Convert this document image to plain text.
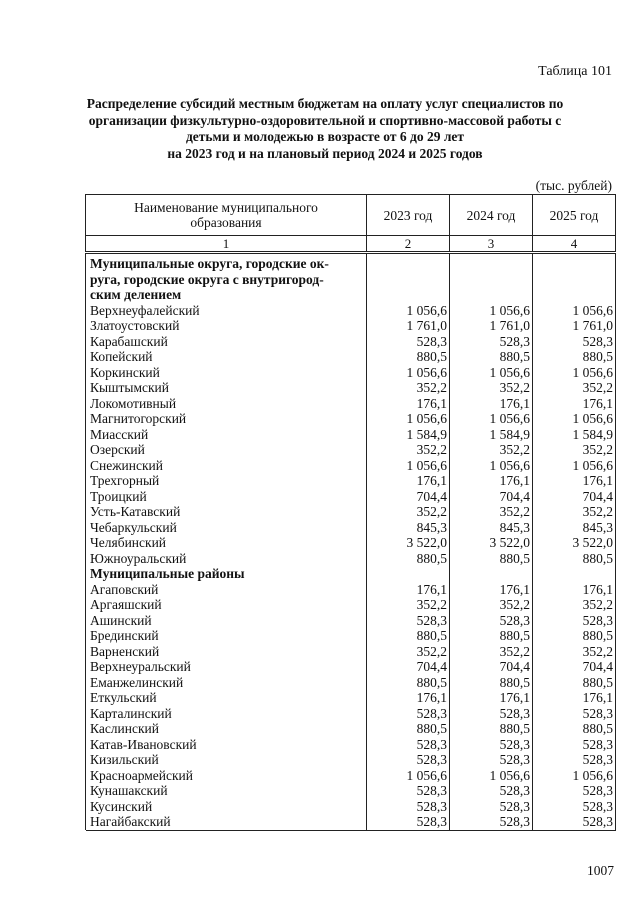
Таблица 101
Распределение субсидий местным бюджетам на оплату услуг специалистов по
организации физкультурно-оздоровительной и спортивно-массовой работы с
детьми и молодежью в возрасте от 6 до 29 лет
на 2023 год и на плановый период 2024 и 2025 годов
(тыс. рублей)
Наименование муниципального
образования	2023 год	2024 год	2025 год
1	2	3	4
Муниципальные округа, городские ок-
руга, городские округа с внутригород-
ским делением			
Верхнеуфалейский	1 056,6	1 056,6	1 056,6
Златоустовский	1 761,0	1 761,0	1 761,0
Карабашский	528,3	528,3	528,3
Копейский	880,5	880,5	880,5
Коркинский	1 056,6	1 056,6	1 056,6
Кыштымский	352,2	352,2	352,2
Локомотивный	176,1	176,1	176,1
Магнитогорский	1 056,6	1 056,6	1 056,6
Миасский	1 584,9	1 584,9	1 584,9
Озерский	352,2	352,2	352,2
Снежинский	1 056,6	1 056,6	1 056,6
Трехгорный	176,1	176,1	176,1
Троицкий	704,4	704,4	704,4
Усть-Катавский	352,2	352,2	352,2
Чебаркульский	845,3	845,3	845,3
Челябинский	3 522,0	3 522,0	3 522,0
Южноуральский	880,5	880,5	880,5
Муниципальные районы			
Агаповский	176,1	176,1	176,1
Аргаяшский	352,2	352,2	352,2
Ашинский	528,3	528,3	528,3
Брединский	880,5	880,5	880,5
Варненский	352,2	352,2	352,2
Верхнеуральский	704,4	704,4	704,4
Еманжелинский	880,5	880,5	880,5
Еткульский	176,1	176,1	176,1
Карталинский	528,3	528,3	528,3
Каслинский	880,5	880,5	880,5
Катав-Ивановский	528,3	528,3	528,3
Кизильский	528,3	528,3	528,3
Красноармейский	1 056,6	1 056,6	1 056,6
Кунашакский	528,3	528,3	528,3
Кусинский	528,3	528,3	528,3
Нагайбакский	528,3	528,3	528,3

1007
